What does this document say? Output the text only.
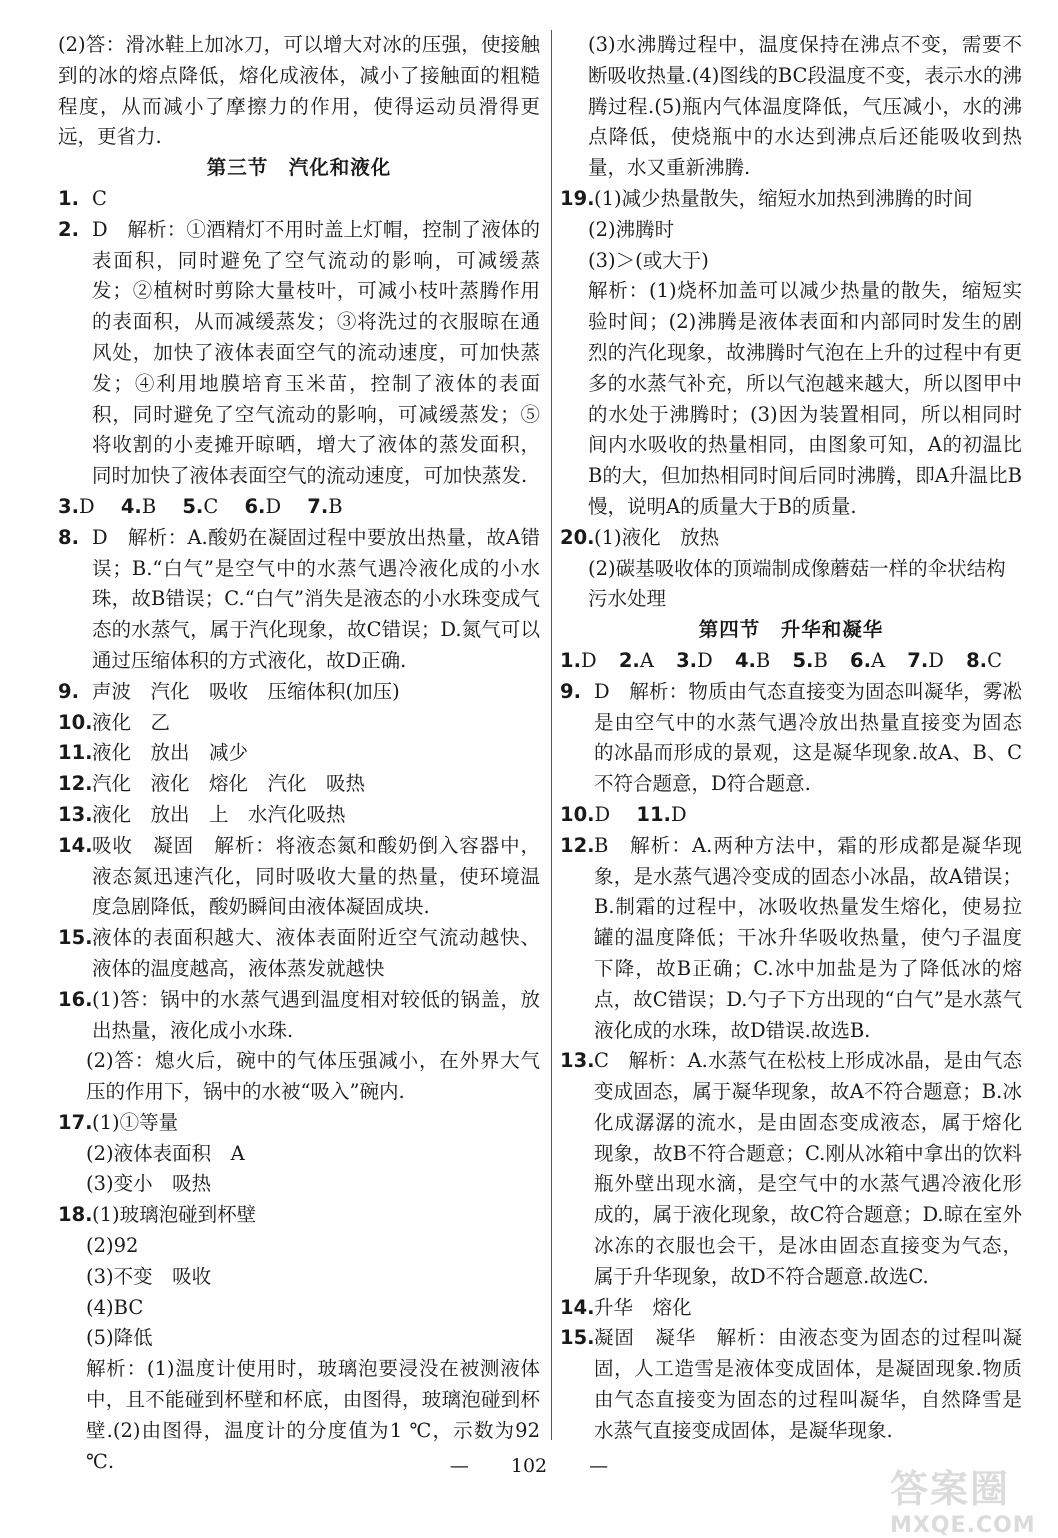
(2)答：滑冰鞋上加冰刀，可以增大对冰的压强，使接触到的冰的熔点降低，熔化成液体，减小了接触面的粗糙程度，从而减小了摩擦力的作用，使得运动员滑得更远，更省力.
第三节　汽化和液化
1. C
2. D　解析：①酒精灯不用时盖上灯帽，控制了液体的表面积，同时避免了空气流动的影响，可减缓蒸发；②植树时剪除大量枝叶，可减小枝叶蒸腾作用的表面积，从而减缓蒸发；③将洗过的衣服晾在通风处，加快了液体表面空气的流动速度，可加快蒸发；④利用地膜培育玉米苗，控制了液体的表面积，同时避免了空气流动的影响，可减缓蒸发；⑤将收割的小麦摊开晾晒，增大了液体的蒸发面积，同时加快了液体表面空气的流动速度，可加快蒸发.
3.D 4.B 5.C 6.D 7.B
8. D　解析：A.酸奶在凝固过程中要放出热量，故A错误；B.“白气”是空气中的水蒸气遇冷液化成的小水珠，故B错误；C.“白气”消失是液态的小水珠变成气态的水蒸气，属于汽化现象，故C错误；D.氮气可以通过压缩体积的方式液化，故D正确.
9. 声波　汽化　吸收　压缩体积(加压)
10. 液化　乙
11. 液化　放出　减少
12. 汽化　液化　熔化　汽化　吸热
13. 液化　放出　上　水汽化吸热
14. 吸收　凝固　解析：将液态氮和酸奶倒入容器中，液态氮迅速汽化，同时吸收大量的热量，使环境温度急剧降低，酸奶瞬间由液体凝固成块.
15. 液体的表面积越大、液体表面附近空气流动越快、液体的温度越高，液体蒸发就越快
16. (1)答：锅中的水蒸气遇到温度相对较低的锅盖，放出热量，液化成小水珠.
(2)答：熄火后，碗中的气体压强减小，在外界大气压的作用下，锅中的水被“吸入”碗内.
17. (1)①等量
(2)液体表面积　A
(3)变小　吸热
18. (1)玻璃泡碰到杯壁
(2)92
(3)不变　吸收
(4)BC
(5)降低
解析：(1)温度计使用时，玻璃泡要浸没在被测液体中，且不能碰到杯壁和杯底，由图得，玻璃泡碰到杯壁.(2)由图得，温度计的分度值为1 ℃，示数为92 ℃.
(3)水沸腾过程中，温度保持在沸点不变，需要不断吸收热量.(4)图线的BC段温度不变，表示水的沸腾过程.(5)瓶内气体温度降低，气压减小，水的沸点降低，使烧瓶中的水达到沸点后还能吸收到热量，水又重新沸腾.
19. (1)减少热量散失，缩短水加热到沸腾的时间
(2)沸腾时
(3)＞(或大于)
解析：(1)烧杯加盖可以减少热量的散失，缩短实验时间；(2)沸腾是液体表面和内部同时发生的剧烈的汽化现象，故沸腾时气泡在上升的过程中有更多的水蒸气补充，所以气泡越来越大，所以图甲中的水处于沸腾时；(3)因为装置相同，所以相同时间内水吸收的热量相同，由图象可知，A的初温比B的大，但加热相同时间后同时沸腾，即A升温比B慢，说明A的质量大于B的质量.
20. (1)液化　放热
(2)碳基吸收体的顶端制成像蘑菇一样的伞状结构
污水处理
第四节　升华和凝华
1.D 2.A 3.D 4.B 5.B 6.A 7.D 8.C
9. D　解析：物质由气态直接变为固态叫凝华，雾凇是由空气中的水蒸气遇冷放出热量直接变为固态的冰晶而形成的景观，这是凝华现象.故A、B、C不符合题意，D符合题意.
10.D 11.D
12. B　解析：A.两种方法中，霜的形成都是凝华现象，是水蒸气遇冷变成的固态小冰晶，故A错误；B.制霜的过程中，冰吸收热量发生熔化，使易拉罐的温度降低；干冰升华吸收热量，使勺子温度下降，故B正确；C.冰中加盐是为了降低冰的熔点，故C错误；D.勺子下方出现的“白气”是水蒸气液化成的水珠，故D错误.故选B.
13. C　解析：A.水蒸气在松枝上形成冰晶，是由气态变成固态，属于凝华现象，故A不符合题意；B.冰化成潺潺的流水，是由固态变成液态，属于熔化现象，故B不符合题意；C.刚从冰箱中拿出的饮料瓶外壁出现水滴，是空气中的水蒸气遇冷液化形成的，属于液化现象，故C符合题意；D.晾在室外冰冻的衣服也会干，是冰由固态直接变为气态，属于升华现象，故D不符合题意.故选C.
14. 升华　熔化
15. 凝固　凝华　解析：由液态变为固态的过程叫凝固，人工造雪是液体变成固体，是凝固现象.物质由气态直接变为固态的过程叫凝华，自然降雪是水蒸气直接变成固体，是凝华现象.
— 102 —
答案圈
MXQE.COM
